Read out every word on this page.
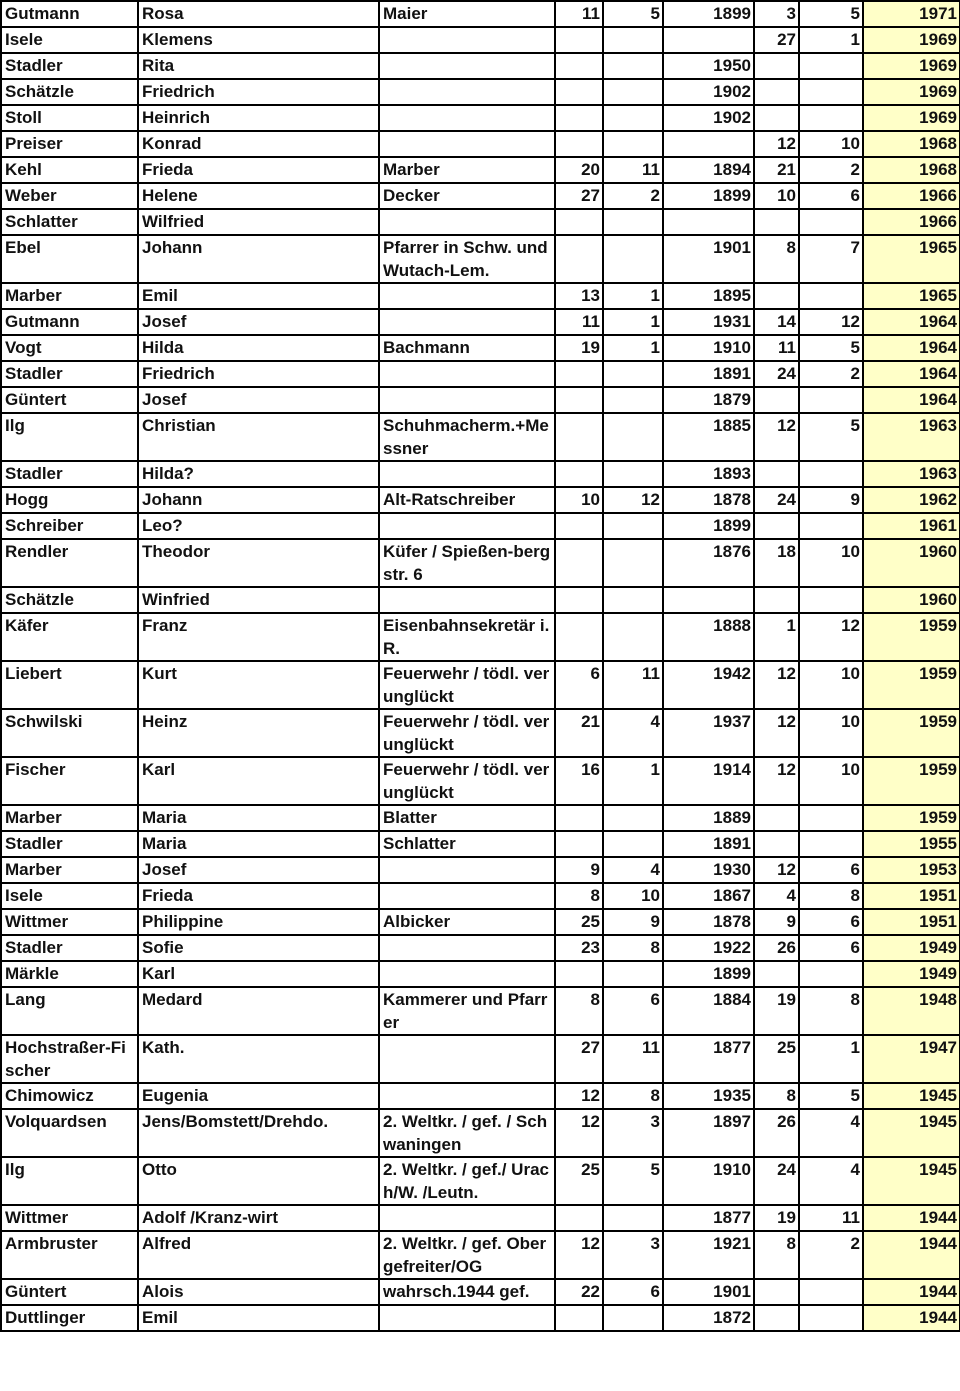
Gutmann	Rosa	Maier	11	5	1899	3	5	1971
Isele	Klemens					27	1	1969
Stadler	Rita				1950			1969
Schätzle	Friedrich				1902			1969
Stoll	Heinrich				1902			1969
Preiser	Konrad					12	10	1968
Kehl	Frieda	Marber	20	11	1894	21	2	1968
Weber	Helene	Decker	27	2	1899	10	6	1966
Schlatter	Wilfried							1966
Ebel	Johann	Pfarrer in Schw. und Wutach-Lem.			1901	8	7	1965
Marber	Emil		13	1	1895			1965
Gutmann	Josef		11	1	1931	14	12	1964
Vogt	Hilda	Bachmann	19	1	1910	11	5	1964
Stadler	Friedrich				1891	24	2	1964
Güntert	Josef				1879			1964
Ilg	Christian	Schuhmacherm.+Messner			1885	12	5	1963
Stadler	Hilda?				1893			1963
Hogg	Johann	Alt-Ratschreiber	10	12	1878	24	9	1962
Schreiber	Leo?				1899			1961
Rendler	Theodor	Küfer / Spießen-bergstr. 6			1876	18	10	1960
Schätzle	Winfried							1960
Käfer	Franz	Eisenbahnsekretär i.R.			1888	1	12	1959
Liebert	Kurt	Feuerwehr / tödl. verunglückt	6	11	1942	12	10	1959
Schwilski	Heinz	Feuerwehr / tödl. verunglückt	21	4	1937	12	10	1959
Fischer	Karl	Feuerwehr / tödl. verunglückt	16	1	1914	12	10	1959
Marber	Maria	Blatter			1889			1959
Stadler	Maria	Schlatter			1891			1955
Marber	Josef		9	4	1930	12	6	1953
Isele	Frieda		8	10	1867	4	8	1951
Wittmer	Philippine	Albicker	25	9	1878	9	6	1951
Stadler	Sofie		23	8	1922	26	6	1949
Märkle	Karl				1899			1949
Lang	Medard	Kammerer und Pfarrer	8	6	1884	19	8	1948
Hochstraßer-Fischer	Kath.		27	11	1877	25	1	1947
Chimowicz	Eugenia		12	8	1935	8	5	1945
Volquardsen	Jens/Bomstett/Drehdo.	2. Weltkr. / gef. / Schwaningen	12	3	1897	26	4	1945
Ilg	Otto	2. Weltkr. / gef./ Urach/W. /Leutn.	25	5	1910	24	4	1945
Wittmer	Adolf /Kranz-wirt				1877	19	11	1944
Armbruster	Alfred	2. Weltkr. / gef. Obergefreiter/OG	12	3	1921	8	2	1944
Güntert	Alois	wahrsch.1944 gef.	22	6	1901			1944
Duttlinger	Emil				1872			1944
